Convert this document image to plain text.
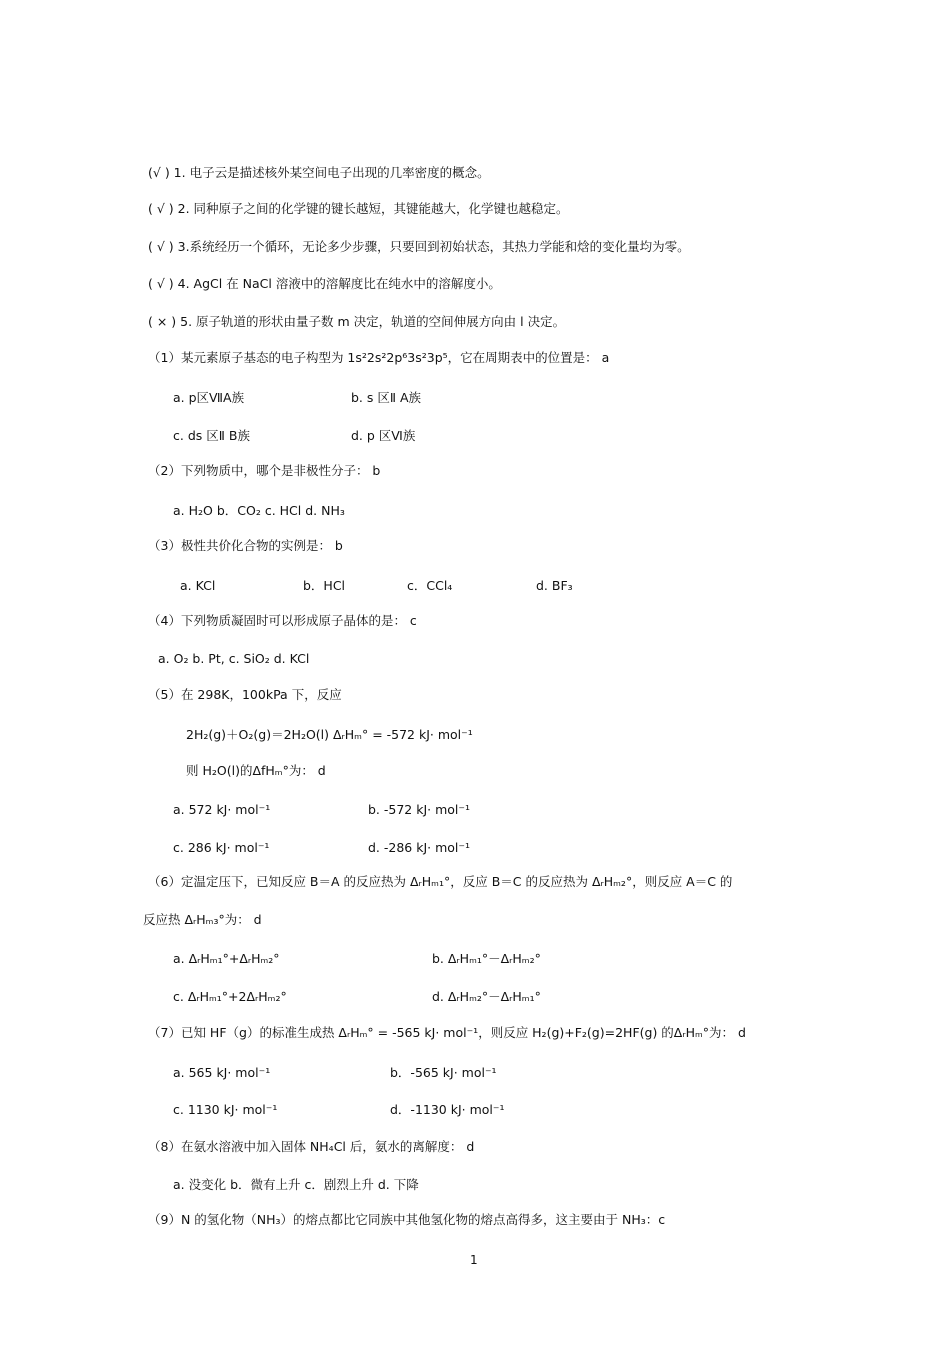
(√ ) 1. 电子云是描述核外某空间电子出现的几率密度的概念。
( √ ) 2. 同种原子之间的化学键的键长越短，其键能越大，化学键也越稳定。
( √ ) 3.系统经历一个循环，无论多少步骤，只要回到初始状态，其热力学能和焓的变化量均为零。
( √ ) 4. AgCl 在 NaCl 溶液中的溶解度比在纯水中的溶解度小。
( × ) 5. 原子轨道的形状由量子数 m 决定，轨道的空间伸展方向由 l 决定。
（1）某元素原子基态的电子构型为 1s²2s²2p⁶3s²3p⁵，它在周期表中的位置是： a
a. p区ⅦA族	b. s 区Ⅱ A族
c. ds 区Ⅱ B族	d. p 区Ⅵ族
（2）下列物质中，哪个是非极性分子： b
a. H₂O b．CO₂ c. HCl d. NH₃
（3）极性共价化合物的实例是： b
a. KCl	b．HCl	c．CCl₄	d. BF₃
（4）下列物质凝固时可以形成原子晶体的是： c
a. O₂ b. Pt, c. SiO₂ d. KCl
（5）在 298K，100kPa 下，反应
2H₂(g)＋O₂(g)＝2H₂O(l) ΔᵣHₘ° = -572 kJ· mol⁻¹
则 H₂O(l)的ΔfHₘ°为： d
a. 572 kJ· mol⁻¹	b. -572 kJ· mol⁻¹
c. 286 kJ· mol⁻¹	d. -286 kJ· mol⁻¹
（6）定温定压下，已知反应 B＝A 的反应热为 ΔᵣHₘ₁°，反应 B＝C 的反应热为 ΔᵣHₘ₂°，则反应 A＝C 的
反应热 ΔᵣHₘ₃°为： d
a. ΔᵣHₘ₁°+ΔᵣHₘ₂°	b. ΔᵣHₘ₁°－ΔᵣHₘ₂°
c. ΔᵣHₘ₁°+2ΔᵣHₘ₂°	d. ΔᵣHₘ₂°－ΔᵣHₘ₁°
（7）已知 HF（g）的标准生成热 ΔᵣHₘ° = -565 kJ· mol⁻¹，则反应 H₂(g)+F₂(g)=2HF(g) 的ΔᵣHₘ°为： d
a. 565 kJ· mol⁻¹	b．-565 kJ· mol⁻¹
c. 1130 kJ· mol⁻¹	d．-1130 kJ· mol⁻¹
（8）在氨水溶液中加入固体 NH₄Cl 后，氨水的离解度： d
a. 没变化 b．微有上升 c．剧烈上升 d. 下降
（9）N 的氢化物（NH₃）的熔点都比它同族中其他氢化物的熔点高得多，这主要由于 NH₃：c
1
